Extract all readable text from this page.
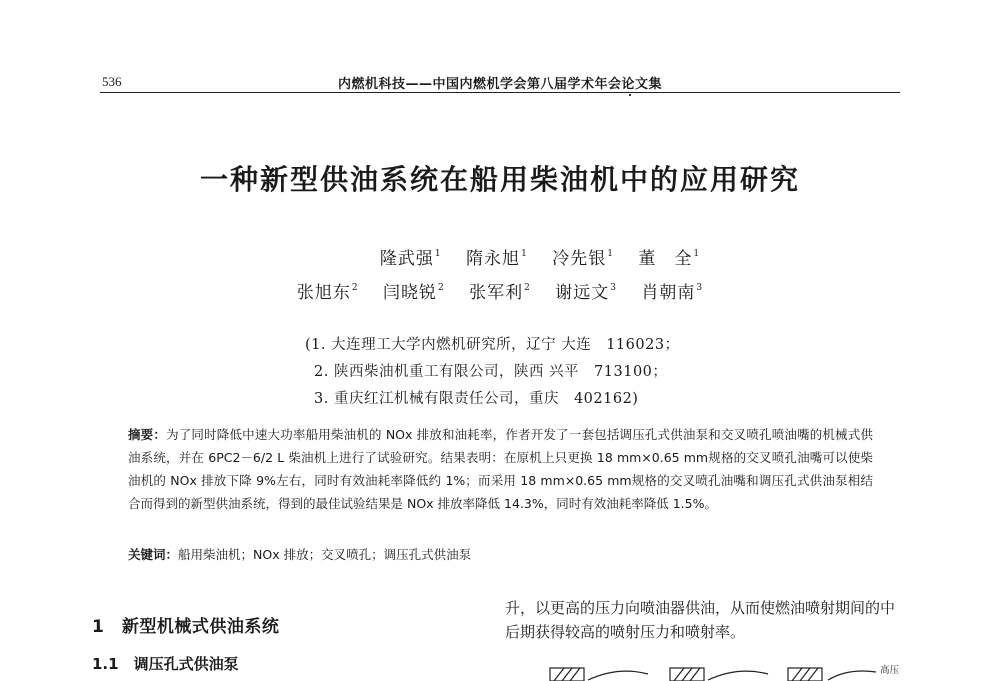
536	内燃机科技——中国内燃机学会第八届学术年会论文集
一种新型供油系统在船用柴油机中的应用研究
隆武强$^1$ 隋永旭$^1$ 冷先银$^1$ 董　全$^1$
张旭东$^2$ 闫晓锐$^2$ 张军利$^2$ 谢远文$^3$ 肖朝南$^3$
(1. 大连理工大学内燃机研究所，辽宁 大连　116023；
2. 陕西柴油机重工有限公司，陕西 兴平　713100；
3. 重庆红江机械有限责任公司，重庆　402162)
摘要：为了同时降低中速大功率船用柴油机的 NOx 排放和油耗率，作者开发了一套包括调压孔式供油泵和交叉喷孔喷油嘴的机械式供油系统，并在 6PC2－6/2 L 柴油机上进行了试验研究。结果表明：在原机上只更换 18 mm×0.65 mm规格的交叉喷孔油嘴可以使柴油机的 NOx 排放下降 9%左右，同时有效油耗率降低约 1%；而采用 18 mm×0.65 mm规格的交叉喷孔油嘴和调压孔式供油泵相结合而得到的新型供油系统，得到的最佳试验结果是 NOx 排放率降低 14.3%，同时有效油耗率降低 1.5%。
关键词：船用柴油机；NOx 排放；交叉喷孔；调压孔式供油泵
1　新型机械式供油系统
1.1　调压孔式供油泵
升，以更高的压力向喷油器供油，从而使燃油喷射期间的中后期获得较高的喷射压力和喷射率。
高压
